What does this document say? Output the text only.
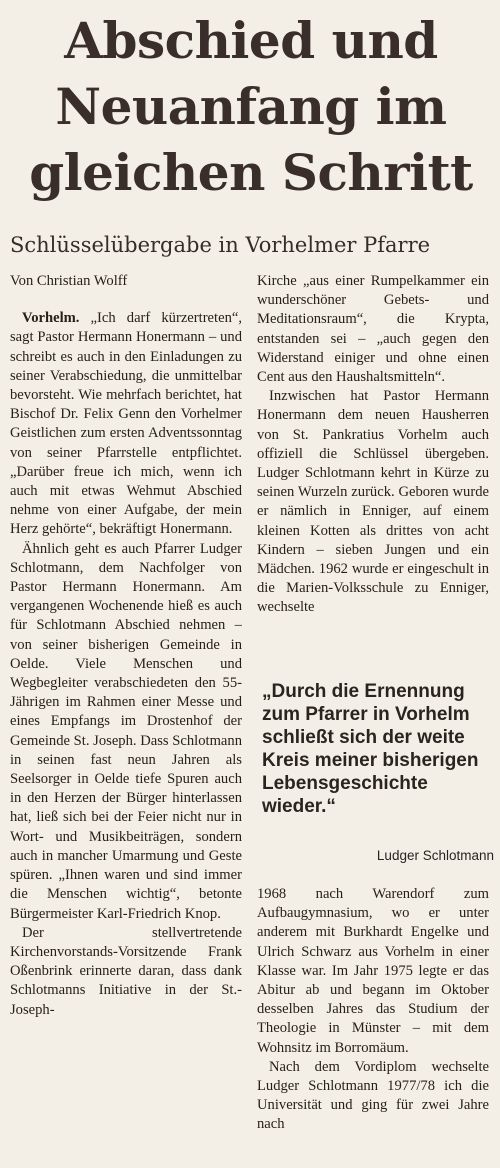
Abschied und
Neuanfang im
gleichen Schritt
Schlüsselübergabe in Vorhelmer Pfarre

Von Christian Wolff

Vorhelm. „Ich darf kürzertreten“, sagt Pastor Hermann Honermann – und schreibt es auch in den Einladungen zu seiner Verabschiedung, die unmittelbar bevorsteht. Wie mehrfach berichtet, hat Bischof Dr. Felix Genn den Vorhelmer Geistlichen zum ersten Adventssonntag von seiner Pfarrstelle entpflichtet. „Darüber freue ich mich, wenn ich auch mit etwas Wehmut Abschied nehme von einer Aufgabe, der mein Herz gehörte“, bekräftigt Honermann.

Ähnlich geht es auch Pfarrer Ludger Schlotmann, dem Nachfolger von Pastor Hermann Honermann. Am vergangenen Wochenende hieß es auch für Schlotmann Abschied nehmen – von seiner bisherigen Gemeinde in Oelde. Viele Menschen und Wegbegleiter verabschiedeten den 55-Jährigen im Rahmen einer Messe und eines Empfangs im Drostenhof der Gemeinde St. Joseph. Dass Schlotmann in seinen fast neun Jahren als Seelsorger in Oelde tiefe Spuren auch in den Herzen der Bürger hinterlassen hat, ließ sich bei der Feier nicht nur in Wort- und Musikbeiträgen, sondern auch in mancher Umarmung und Geste spüren. „Ihnen waren und sind immer die Menschen wichtig“, betonte Bürgermeister Karl-Friedrich Knop.

Der stellvertretende Kirchenvorstands-Vorsitzende Frank Oßenbrink erinnerte daran, dass dank Schlotmanns Initiative in der St.-Joseph-

Kirche „aus einer Rumpelkammer ein wunderschöner Gebets- und Meditationsraum“, die Krypta, entstanden sei – „auch gegen den Widerstand einiger und ohne einen Cent aus den Haushaltsmitteln“.

Inzwischen hat Pastor Hermann Honermann dem neuen Hausherren von St. Pankratius Vorhelm auch offiziell die Schlüssel übergeben. Ludger Schlotmann kehrt in Kürze zu seinen Wurzeln zurück. Geboren wurde er nämlich in Enniger, auf einem kleinen Kotten als drittes von acht Kindern – sieben Jungen und ein Mädchen. 1962 wurde er eingeschult in die Marien-Volksschule zu Enniger, wechselte

„Durch die Ernennung zum Pfarrer in Vorhelm schließt sich der weite Kreis meiner bisherigen Lebensgeschichte wieder.“
Ludger Schlotmann

1968 nach Warendorf zum Aufbaugymnasium, wo er unter anderem mit Burkhardt Engelke und Ulrich Schwarz aus Vorhelm in einer Klasse war. Im Jahr 1975 legte er das Abitur ab und begann im Oktober desselben Jahres das Studium der Theologie in Münster – mit dem Wohnsitz im Borromäum.

Nach dem Vordiplom wechselte Ludger Schlotmann 1977/78 ich die Universität und ging für zwei Jahre nach
